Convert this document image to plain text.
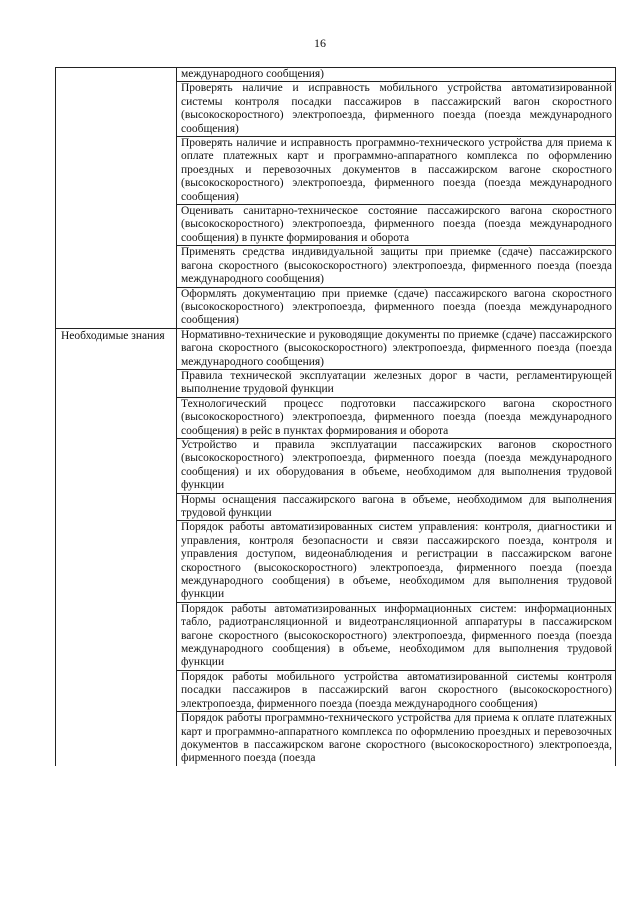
16
	международного сообщения)
	Проверять наличие и исправность мобильного устройства автоматизированной системы контроля посадки пассажиров в пассажирский вагон скоростного (высокоскоростного) электропоезда, фирменного поезда (поезда международного сообщения)
	Проверять наличие и исправность программно-технического устройства для приема к оплате платежных карт и программно-аппаратного комплекса по оформлению проездных и перевозочных документов в пассажирском вагоне скоростного (высокоскоростного) электропоезда, фирменного поезда (поезда международного сообщения)
	Оценивать санитарно-техническое состояние пассажирского вагона скоростного (высокоскоростного) электропоезда, фирменного поезда (поезда международного сообщения) в пункте формирования и оборота
	Применять средства индивидуальной защиты при приемке (сдаче) пассажирского вагона скоростного (высокоскоростного) электропоезда, фирменного поезда (поезда международного сообщения)
	Оформлять документацию при приемке (сдаче) пассажирского вагона скоростного (высокоскоростного) электропоезда, фирменного поезда (поезда международного сообщения)
Необходимые знания	Нормативно-технические и руководящие документы по приемке (сдаче) пассажирского вагона скоростного (высокоскоростного) электропоезда, фирменного поезда (поезда международного сообщения)
	Правила технической эксплуатации железных дорог в части, регламентирующей выполнение трудовой функции
	Технологический процесс подготовки пассажирского вагона скоростного (высокоскоростного) электропоезда, фирменного поезда (поезда международного сообщения) в рейс в пунктах формирования и оборота
	Устройство и правила эксплуатации пассажирских вагонов скоростного (высокоскоростного) электропоезда, фирменного поезда (поезда международного сообщения) и их оборудования в объеме, необходимом для выполнения трудовой функции
	Нормы оснащения пассажирского вагона в объеме, необходимом для выполнения трудовой функции
	Порядок работы автоматизированных систем управления: контроля, диагностики и управления, контроля безопасности и связи пассажирского поезда, контроля и управления доступом, видеонаблюдения и регистрации в пассажирском вагоне скоростного (высокоскоростного) электропоезда, фирменного поезда (поезда международного сообщения) в объеме, необходимом для выполнения трудовой функции
	Порядок работы автоматизированных информационных систем: информационных табло, радиотрансляционной и видеотрансляционной аппаратуры в пассажирском вагоне скоростного (высокоскоростного) электропоезда, фирменного поезда (поезда международного сообщения) в объеме, необходимом для выполнения трудовой функции
	Порядок работы мобильного устройства автоматизированной системы контроля посадки пассажиров в пассажирский вагон скоростного (высокоскоростного) электропоезда, фирменного поезда (поезда международного сообщения)
	Порядок работы программно-технического устройства для приема к оплате платежных карт и программно-аппаратного комплекса по оформлению проездных и перевозочных документов в пассажирском вагоне скоростного (высокоскоростного) электропоезда, фирменного поезда (поезда
